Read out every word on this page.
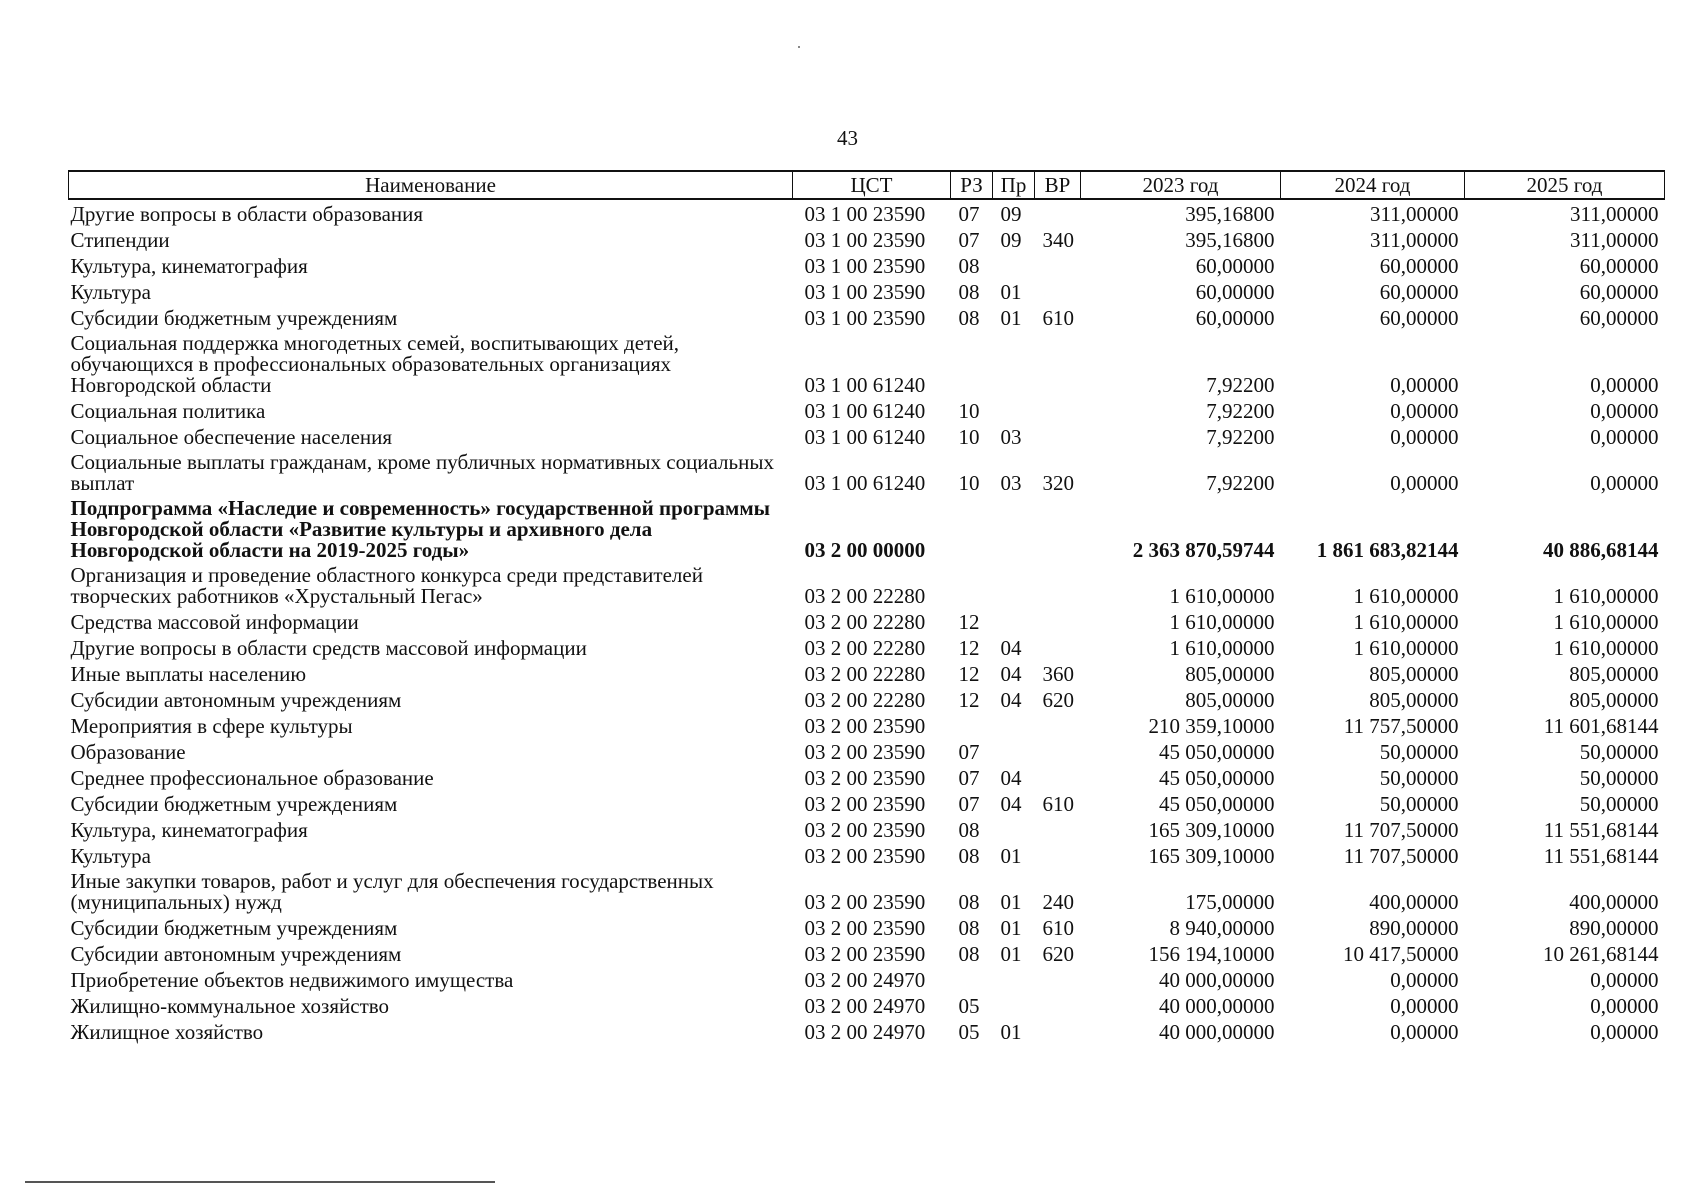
43
Наименование	ЦСТ	РЗ	Пр	ВР	2023 год	2024 год	2025 год
Другие вопросы в области образования	03 1 00 23590	07	09		395,16800	311,00000	311,00000
Стипендии	03 1 00 23590	07	09	340	395,16800	311,00000	311,00000
Культура, кинематография	03 1 00 23590	08			60,00000	60,00000	60,00000
Культура	03 1 00 23590	08	01		60,00000	60,00000	60,00000
Субсидии бюджетным учреждениям	03 1 00 23590	08	01	610	60,00000	60,00000	60,00000
Социальная поддержка многодетных семей, воспитывающих детей, обучающихся в профессиональных образовательных организациях Новгородской области	03 1 00 61240				7,92200	0,00000	0,00000
Социальная политика	03 1 00 61240	10			7,92200	0,00000	0,00000
Социальное обеспечение населения	03 1 00 61240	10	03		7,92200	0,00000	0,00000
Социальные выплаты гражданам, кроме публичных нормативных социальных выплат	03 1 00 61240	10	03	320	7,92200	0,00000	0,00000
Подпрограмма «Наследие и современность» государственной программы Новгородской области «Развитие культуры и архивного дела Новгородской области на 2019-2025 годы»	03 2 00 00000				2 363 870,59744	1 861 683,82144	40 886,68144
Организация и проведение областного конкурса среди представителей творческих работников «Хрустальный Пегас»	03 2 00 22280				1 610,00000	1 610,00000	1 610,00000
Средства массовой информации	03 2 00 22280	12			1 610,00000	1 610,00000	1 610,00000
Другие вопросы в области средств массовой информации	03 2 00 22280	12	04		1 610,00000	1 610,00000	1 610,00000
Иные выплаты населению	03 2 00 22280	12	04	360	805,00000	805,00000	805,00000
Субсидии автономным учреждениям	03 2 00 22280	12	04	620	805,00000	805,00000	805,00000
Мероприятия в сфере культуры	03 2 00 23590				210 359,10000	11 757,50000	11 601,68144
Образование	03 2 00 23590	07			45 050,00000	50,00000	50,00000
Среднее профессиональное образование	03 2 00 23590	07	04		45 050,00000	50,00000	50,00000
Субсидии бюджетным учреждениям	03 2 00 23590	07	04	610	45 050,00000	50,00000	50,00000
Культура, кинематография	03 2 00 23590	08			165 309,10000	11 707,50000	11 551,68144
Культура	03 2 00 23590	08	01		165 309,10000	11 707,50000	11 551,68144
Иные закупки товаров, работ и услуг для обеспечения государственных (муниципальных) нужд	03 2 00 23590	08	01	240	175,00000	400,00000	400,00000
Субсидии бюджетным учреждениям	03 2 00 23590	08	01	610	8 940,00000	890,00000	890,00000
Субсидии автономным учреждениям	03 2 00 23590	08	01	620	156 194,10000	10 417,50000	10 261,68144
Приобретение объектов недвижимого имущества	03 2 00 24970				40 000,00000	0,00000	0,00000
Жилищно-коммунальное хозяйство	03 2 00 24970	05			40 000,00000	0,00000	0,00000
Жилищное хозяйство	03 2 00 24970	05	01		40 000,00000	0,00000	0,00000
